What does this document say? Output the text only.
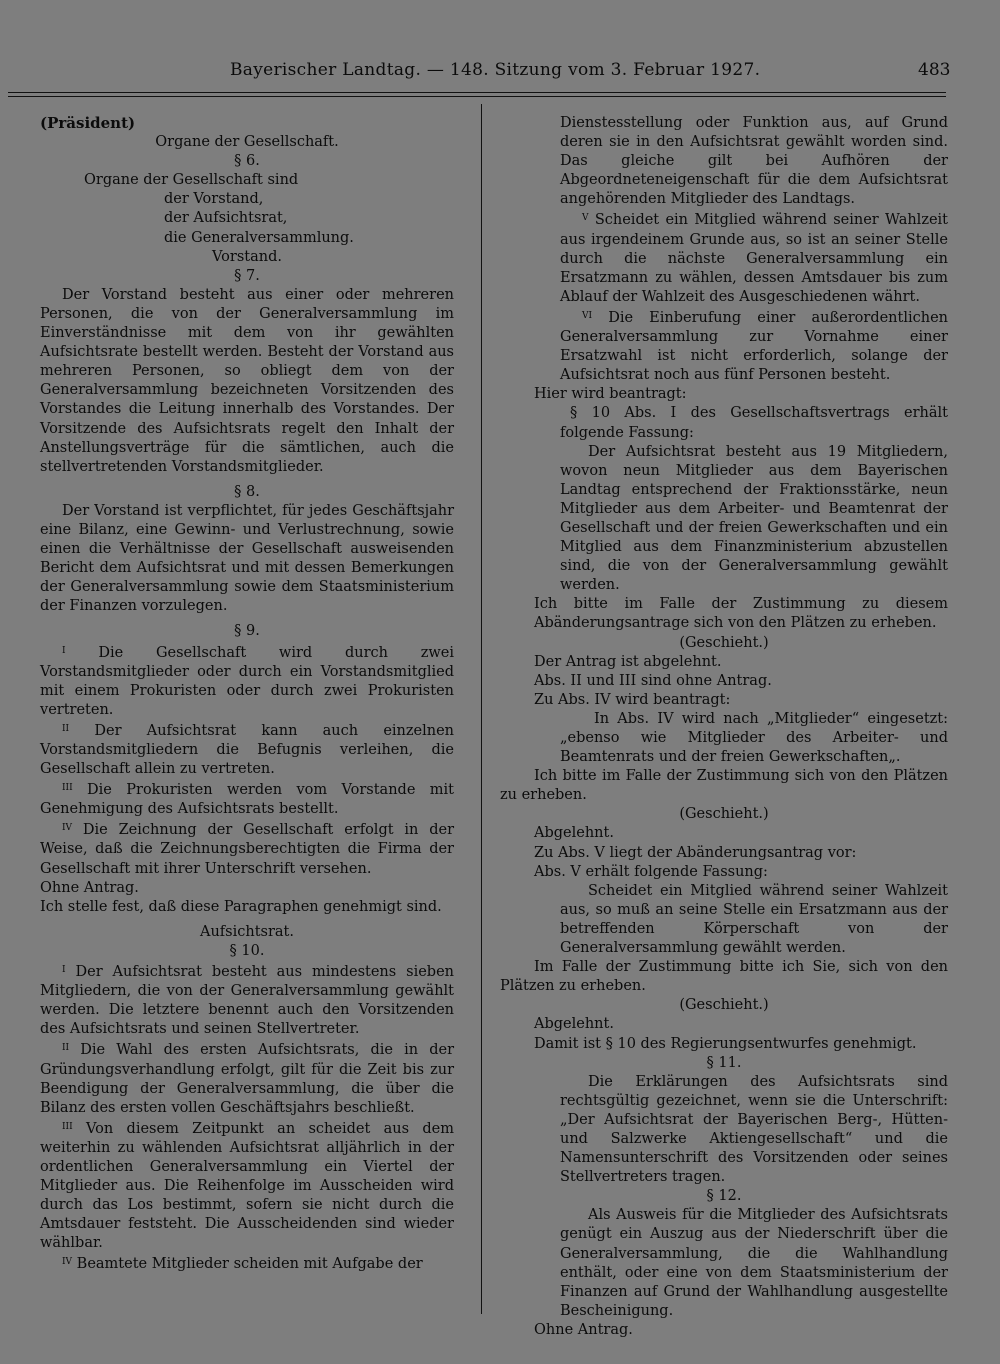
Bayerischer Landtag. — 148. Sitzung vom 3. Februar 1927.	483
(Präsident)

Organe der Gesellschaft.

§ 6.

Organe der Gesellschaft sind

der Vorstand,

der Aufsichtsrat,

die Generalversammlung.

Vorstand.

§ 7.

Der Vorstand besteht aus einer oder mehreren Personen, die von der Generalversammlung im Einverständnisse mit dem von ihr gewählten Aufsichtsrate bestellt werden. Besteht der Vorstand aus mehreren Personen, so obliegt dem von der Generalversammlung bezeichneten Vorsitzenden des Vorstandes die Leitung innerhalb des Vorstandes. Der Vorsitzende des Aufsichtsrats regelt den Inhalt der Anstellungsverträge für die sämtlichen, auch die stellvertretenden Vorstandsmitglieder.

§ 8.

Der Vorstand ist verpflichtet, für jedes Geschäftsjahr eine Bilanz, eine Gewinn- und Verlustrechnung, sowie einen die Verhältnisse der Gesellschaft ausweisenden Bericht dem Aufsichtsrat und mit dessen Bemerkungen der Generalversammlung sowie dem Staatsministerium der Finanzen vorzulegen.

§ 9.

$^I$ Die Gesellschaft wird durch zwei Vorstandsmitglieder oder durch ein Vorstandsmitglied mit einem Prokuristen oder durch zwei Prokuristen vertreten.

$^{II}$ Der Aufsichtsrat kann auch einzelnen Vorstandsmitgliedern die Befugnis verleihen, die Gesellschaft allein zu vertreten.

$^{III}$ Die Prokuristen werden vom Vorstande mit Genehmigung des Aufsichtsrats bestellt.

$^{IV}$ Die Zeichnung der Gesellschaft erfolgt in der Weise, daß die Zeichnungsberechtigten die Firma der Gesellschaft mit ihrer Unterschrift versehen.

Ohne Antrag.

Ich stelle fest, daß diese Paragraphen genehmigt sind.

Aufsichtsrat.

§ 10.

$^I$ Der Aufsichtsrat besteht aus mindestens sieben Mitgliedern, die von der Generalversammlung gewählt werden. Die letztere benennt auch den Vorsitzenden des Aufsichtsrats und seinen Stellvertreter.

$^{II}$ Die Wahl des ersten Aufsichtsrats, die in der Gründungsverhandlung erfolgt, gilt für die Zeit bis zur Beendigung der Generalversammlung, die über die Bilanz des ersten vollen Geschäftsjahrs beschließt.

$^{III}$ Von diesem Zeitpunkt an scheidet aus dem weiterhin zu wählenden Aufsichtsrat alljährlich in der ordentlichen Generalversammlung ein Viertel der Mitglieder aus. Die Reihenfolge im Ausscheiden wird durch das Los bestimmt, sofern sie nicht durch die Amtsdauer feststeht. Die Ausscheidenden sind wieder wählbar.

$^{IV}$ Beamtete Mitglieder scheiden mit Aufgabe der

Dienstesstellung oder Funktion aus, auf Grund deren sie in den Aufsichtsrat gewählt worden sind. Das gleiche gilt bei Aufhören der Abgeordneteneigenschaft für die dem Aufsichtsrat angehörenden Mitglieder des Landtags.

$^V$ Scheidet ein Mitglied während seiner Wahlzeit aus irgendeinem Grunde aus, so ist an seiner Stelle durch die nächste Generalversammlung ein Ersatzmann zu wählen, dessen Amtsdauer bis zum Ablauf der Wahlzeit des Ausgeschiedenen währt.

$^{VI}$ Die Einberufung einer außerordentlichen Generalversammlung zur Vornahme einer Ersatzwahl ist nicht erforderlich, solange der Aufsichtsrat noch aus fünf Personen besteht.

Hier wird beantragt:

§ 10 Abs. I des Gesellschaftsvertrags erhält folgende Fassung:

Der Aufsichtsrat besteht aus 19 Mitgliedern, wovon neun Mitglieder aus dem Bayerischen Landtag entsprechend der Fraktionsstärke, neun Mitglieder aus dem Arbeiter- und Beamtenrat der Gesellschaft und der freien Gewerkschaften und ein Mitglied aus dem Finanzministerium abzustellen sind, die von der Generalversammlung gewählt werden.

Ich bitte im Falle der Zustimmung zu diesem Abänderungsantrage sich von den Plätzen zu erheben.

(Geschieht.)

Der Antrag ist abgelehnt.

Abs. II und III sind ohne Antrag.

Zu Abs. IV wird beantragt:

In Abs. IV wird nach „Mitglieder“ eingesetzt: „ebenso wie Mitglieder des Arbeiter- und Beamtenrats und der freien Gewerkschaften„.

Ich bitte im Falle der Zustimmung sich von den Plätzen zu erheben.

(Geschieht.)

Abgelehnt.

Zu Abs. V liegt der Abänderungsantrag vor:

Abs. V erhält folgende Fassung:

Scheidet ein Mitglied während seiner Wahlzeit aus, so muß an seine Stelle ein Ersatzmann aus der betreffenden Körperschaft von der Generalversammlung gewählt werden.

Im Falle der Zustimmung bitte ich Sie, sich von den Plätzen zu erheben.

(Geschieht.)

Abgelehnt.

Damit ist § 10 des Regierungsentwurfes genehmigt.

§ 11.

Die Erklärungen des Aufsichtsrats sind rechtsgültig gezeichnet, wenn sie die Unterschrift: „Der Aufsichtsrat der Bayerischen Berg-, Hütten- und Salzwerke Aktiengesellschaft“ und die Namensunterschrift des Vorsitzenden oder seines Stellvertreters tragen.

§ 12.

Als Ausweis für die Mitglieder des Aufsichtsrats genügt ein Auszug aus der Niederschrift über die Generalversammlung, die die Wahlhandlung enthält, oder eine von dem Staatsministerium der Finanzen auf Grund der Wahlhandlung ausgestellte Bescheinigung.

Ohne Antrag.
